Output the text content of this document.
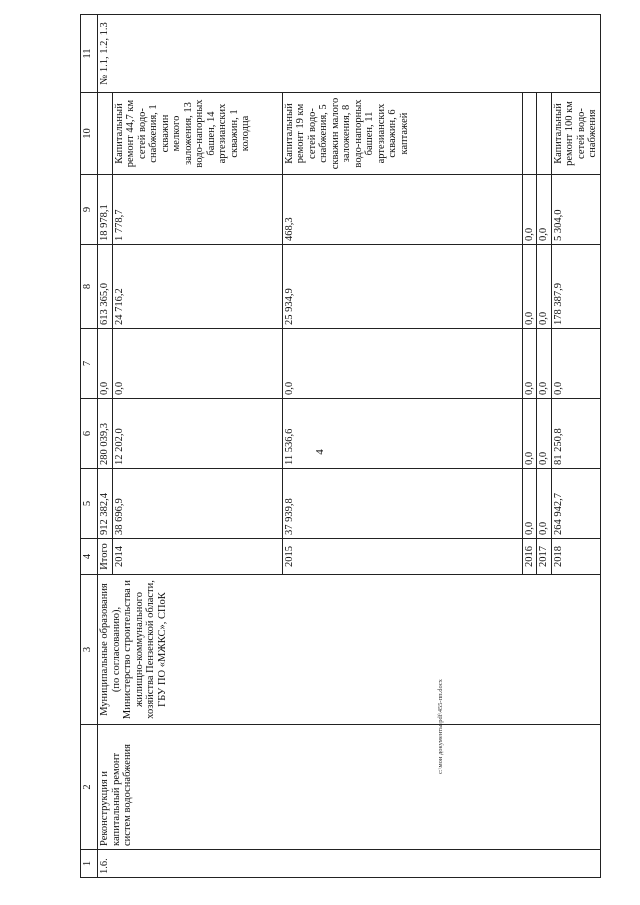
4
c:\мои документы\pdf\455-пп.docx
1	2	3	4	5	6	7	8	9	10	11
1.6.	Реконструкция и капитальный ремонт систем водоснабжения	Муниципальные образования (по согласованию), Министерство строительства и жилищно-коммунального хозяйства Пензенской области, ГБУ ПО «МЖКС», СПоК	Итого	912 382,4	280 039,3	0,0	613 365,0	18 978,1		№ 1.1, 1.2, 1.3
			2014	38 696,9	12 202,0	0,0	24 716,2	1 778,7	Капитальный ремонт 44,7 км сетей водо-снабжения, 1 скважин мелкого заложения, 13 водо-напорных башен, 14 артезианских скважин, 1 колодца	
			2015	37 939,8	11 536,6	0,0	25 934,9	468,3	Капитальный ремонт 19 км сетей водо-снабжения, 5 скважин малого заложения, 8 водо-напорных башен, 11 артезианских скважин, 6 каптажей	
			2016	0,0	0,0	0,0	0,0	0,0		
			2017	0,0	0,0	0,0	0,0	0,0		
			2018	264 942,7	81 250,8	0,0	178 387,9	5 304,0	Капитальный ремонт 100 км сетей водо-снабжения	
